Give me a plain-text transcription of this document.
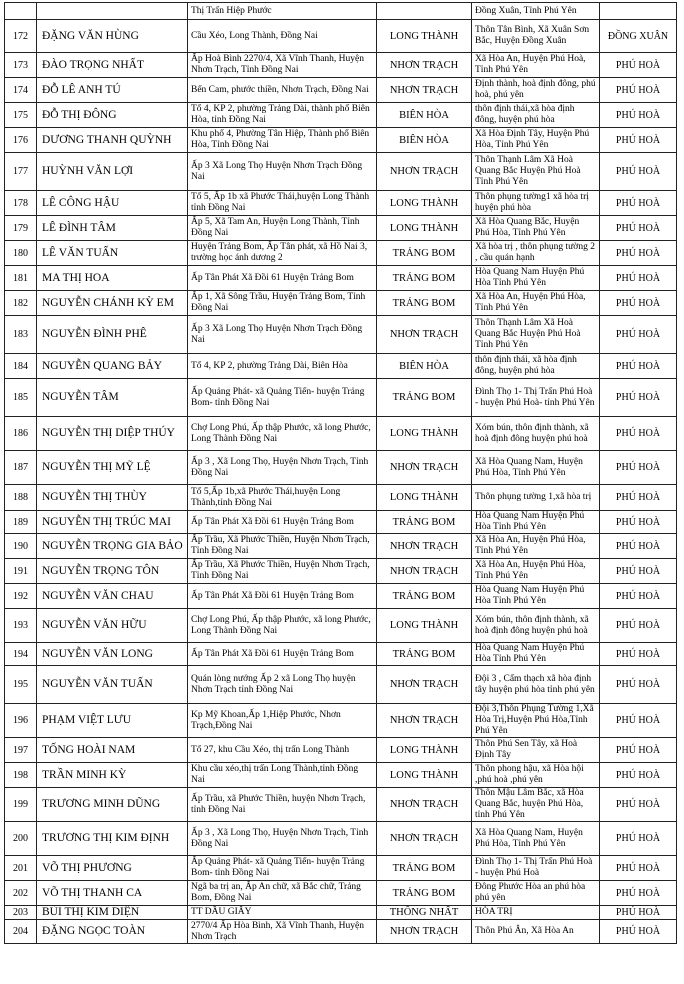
		Thị Trấn Hiệp Phước		Đồng Xuân, Tỉnh Phú Yên	
172	ĐẶNG VĂN HÙNG	Cầu Xéo, Long Thành, Đồng Nai	LONG THÀNH	Thôn Tân Bình, Xã Xuân Sơn Bắc, Huyện Đồng Xuân	ĐỒNG XUÂN
173	ĐÀO TRỌNG NHẤT	Ấp Hoà Bình 2270/4, Xã Vĩnh Thanh, Huyện Nhơn Trạch, Tỉnh Đồng Nai	NHƠN TRẠCH	Xã Hòa An, Huyện Phú Hoà, Tỉnh Phú Yên	PHÚ HOÀ
174	ĐỖ LÊ ANH TÚ	Bến Cam, phước thiền, Nhơn Trạch, Đồng Nai	NHƠN TRẠCH	Định thành, hoà định đông, phú hoà, phú yên	PHÚ HOÀ
175	ĐỖ THỊ ĐÔNG	Tổ 4, KP 2, phường Trảng Dài, thành phố Biên Hòa, tỉnh Đồng Nai	BIÊN HÒA	thôn định thái,xã hòa định đông, huyện phú hòa	PHÚ HOÀ
176	DƯƠNG THANH QUỲNH	Khu phố 4, Phường Tân Hiệp, Thành phố Biên Hòa, Tỉnh Đồng Nai	BIÊN HÒA	Xã Hòa Định Tây, Huyện Phú Hòa, Tỉnh Phú Yên	PHÚ HOÀ
177	HUỲNH VĂN LỢI	Ấp 3 Xã Long Thọ Huyện Nhơn Trạch Đồng Nai	NHƠN TRẠCH	Thôn Thạnh Lâm Xã Hoà Quang Bắc Huyện Phú Hoà Tỉnh Phú Yên	PHÚ HOÀ
178	LÊ CÔNG HẬU	Tổ 5, Ấp 1b xã Phước Thái,huyện Long Thành tỉnh Đồng Nai	LONG THÀNH	Thôn phụng tường1 xã hòa trị huyện phú hòa	PHÚ HOÀ
179	LÊ ĐÌNH TÂM	Ấp 5, Xã Tam An, Huyện Long Thành, Tỉnh Đồng Nai	LONG THÀNH	Xã Hòa Quang Bắc, Huyện Phú Hòa, Tỉnh Phú Yên	PHÚ HOÀ
180	LÊ VĂN TUẤN	Huyện Trảng Bom, Ấp Tân phát, xã Hồ Nai 3, trường học ánh dương 2	TRẢNG BOM	Xã hòa trị , thôn phụng tường 2 , cầu quán hạnh	PHÚ HOÀ
181	MA THỊ HOA	Ấp Tân Phát Xã Đồi 61 Huyện Trảng Bom	TRẢNG BOM	Hòa Quang Nam Huyện Phú Hòa Tỉnh Phú Yên	PHÚ HOÀ
182	NGUYỄN CHÁNH KỲ EM	Ấp 1, Xã Sông Trầu, Huyện Trảng Bom, Tỉnh Đồng Nai	TRẢNG BOM	Xã Hòa An, Huyện Phú Hòa, Tỉnh Phú Yên	PHÚ HOÀ
183	NGUYỄN ĐÌNH PHÊ	Ấp 3 Xã Long Thọ Huyện Nhơn Trạch Đồng Nai	NHƠN TRẠCH	Thôn Thạnh Lâm Xã Hoà Quang Bắc Huyện Phú Hoà Tỉnh Phú Yên	PHÚ HOÀ
184	NGUYỄN QUANG BẢY	Tổ 4, KP 2, phường Trảng Dài, Biên Hòa	BIÊN HÒA	thôn định thái, xã hòa định đông, huyện phú hòa	PHÚ HOÀ
185	NGUYỄN TÂM	Ấp Quảng Phát- xã Quảng Tiến- huyện Trảng Bom- tỉnh Đồng Nai	TRẢNG BOM	Đình Thọ 1- Thị Trấn Phú Hoà - huyện Phú Hoà- tỉnh Phú Yên	PHÚ HOÀ
186	NGUYỄN THỊ DIỆP THÚY	Chợ Long Phú, Ấp thập Phước, xã long Phước, Long Thành Đồng Nai	LONG THÀNH	Xóm bún, thôn định thành, xã hoà định đông huyện phú hoà	PHÚ HOÀ
187	NGUYỄN THỊ MỸ LỆ	Ấp 3 , Xã Long Thọ, Huyện Nhơn Trạch, Tỉnh Đồng Nai	NHƠN TRẠCH	Xã Hòa Quang Nam, Huyện Phú Hòa, Tỉnh Phú Yên	PHÚ HOÀ
188	NGUYỄN THỊ THÙY	Tổ 5,Ấp 1b,xã Phước Thái,huyện Long Thành,tỉnh Đồng Nai	LONG THÀNH	Thôn phụng tường 1,xã hòa trị	PHÚ HOÀ
189	NGUYỄN THỊ TRÚC MAI	Ấp Tân Phát Xã Đồi 61 Huyện Trảng Bom	TRẢNG BOM	Hòa Quang Nam Huyện Phú Hòa Tỉnh Phú Yên	PHÚ HOÀ
190	NGUYỄN TRỌNG GIA BẢO	Ấp Trầu, Xã Phước Thiền, Huyện Nhơn Trạch, Tỉnh Đồng Nai	NHƠN TRẠCH	Xã Hòa An, Huyện Phú Hòa, Tỉnh Phú Yên	PHÚ HOÀ
191	NGUYỄN TRỌNG TÔN	Ấp Trầu, Xã Phước Thiền, Huyện Nhơn Trạch, Tỉnh Đồng Nai	NHƠN TRẠCH	Xã Hòa An, Huyện Phú Hòa, Tỉnh Phú Yên	PHÚ HOÀ
192	NGUYỄN VĂN CHAU	Ấp Tân Phát Xã Đồi 61 Huyện Trảng Bom	TRẢNG BOM	Hòa Quang Nam Huyện Phú Hòa Tỉnh Phú Yên	PHÚ HOÀ
193	NGUYỄN VĂN HỮU	Chợ Long Phú, Ấp thập Phước, xã long Phước, Long Thành Đồng Nai	LONG THÀNH	Xóm bún, thôn định thành, xã hoà định đông huyện phú hoà	PHÚ HOÀ
194	NGUYỄN VĂN LONG	Ấp Tân Phát Xã Đồi 61 Huyện Trảng Bom	TRẢNG BOM	Hòa Quang Nam Huyện Phú Hòa Tỉnh Phú Yên	PHÚ HOÀ
195	NGUYỄN VĂN TUẤN	Quán lòng nướng Ấp 2 xã Long Thọ huyện Nhơn Trạch tỉnh Đồng Nai	NHƠN TRẠCH	Đội 3 , Cẩm thạch xã hòa định tây huyện phú hòa tỉnh phú yên	PHÚ HOÀ
196	PHẠM VIỆT LƯU	Kp Mỹ Khoan,Ấp 1,Hiệp Phước, Nhơn Trạch,Đồng Nai	NHƠN TRẠCH	Đội 3,Thôn Phụng Tường 1,Xã Hòa Trị,Huyện Phú Hòa,Tỉnh Phú Yên	PHÚ HOÀ
197	TỐNG HOÀI NAM	Tổ 27, khu Cầu Xéo, thị trấn Long Thành	LONG THÀNH	Thôn Phú Sen Tây, xã Hoà Định Tây	PHÚ HOÀ
198	TRẦN MINH KỲ	Khu cầu xéo,thị trấn Long Thành,tỉnh Đồng Nai	LONG THÀNH	Thôn phong hậu, xã Hòa hội ,phú hoà ,phú yên	PHÚ HOÀ
199	TRƯƠNG MINH DŨNG	Ấp Trầu, xã Phước Thiền, huyện Nhơn Trạch, tỉnh Đồng Nai	NHƠN TRẠCH	Thôn Mậu Lâm Bắc, xã Hòa Quang Bắc, huyện Phú Hòa, tỉnh Phú Yên	PHÚ HOÀ
200	TRƯƠNG THỊ KIM ĐỊNH	Ấp 3 , Xã Long Thọ, Huyện Nhơn Trạch, Tỉnh Đồng Nai	NHƠN TRẠCH	Xã Hòa Quang Nam, Huyện Phú Hòa, Tỉnh Phú Yên	PHÚ HOÀ
201	VÕ THỊ PHƯƠNG	Ấp Quảng Phát- xã Quảng Tiến- huyện Trảng Bom- tỉnh Đồng Nai	TRẢNG BOM	Đình Thọ 1- Thị Trấn Phú Hoà - huyện Phú Hoà	PHÚ HOÀ
202	VÕ THỊ THANH CA	Ngã ba trị an, Ấp An chữ, xã Bắc chữ, Trảng Bom, Đồng Nai	TRẢNG BOM	Đông Phước Hòa an phú hòa phú yên	PHÚ HOÀ
203	BÙI THỊ KIM DIỆN	TT DẦU GIÂY	THỐNG NHẤT	HÒA TRỊ	PHÚ HOÀ
204	ĐẶNG NGỌC TOÀN	2770/4 Ấp Hòa Bình, Xã Vĩnh Thanh, Huyện Nhơn Trạch	NHƠN TRẠCH	Thôn Phú Ân, Xã Hòa An	PHÚ HOÀ
